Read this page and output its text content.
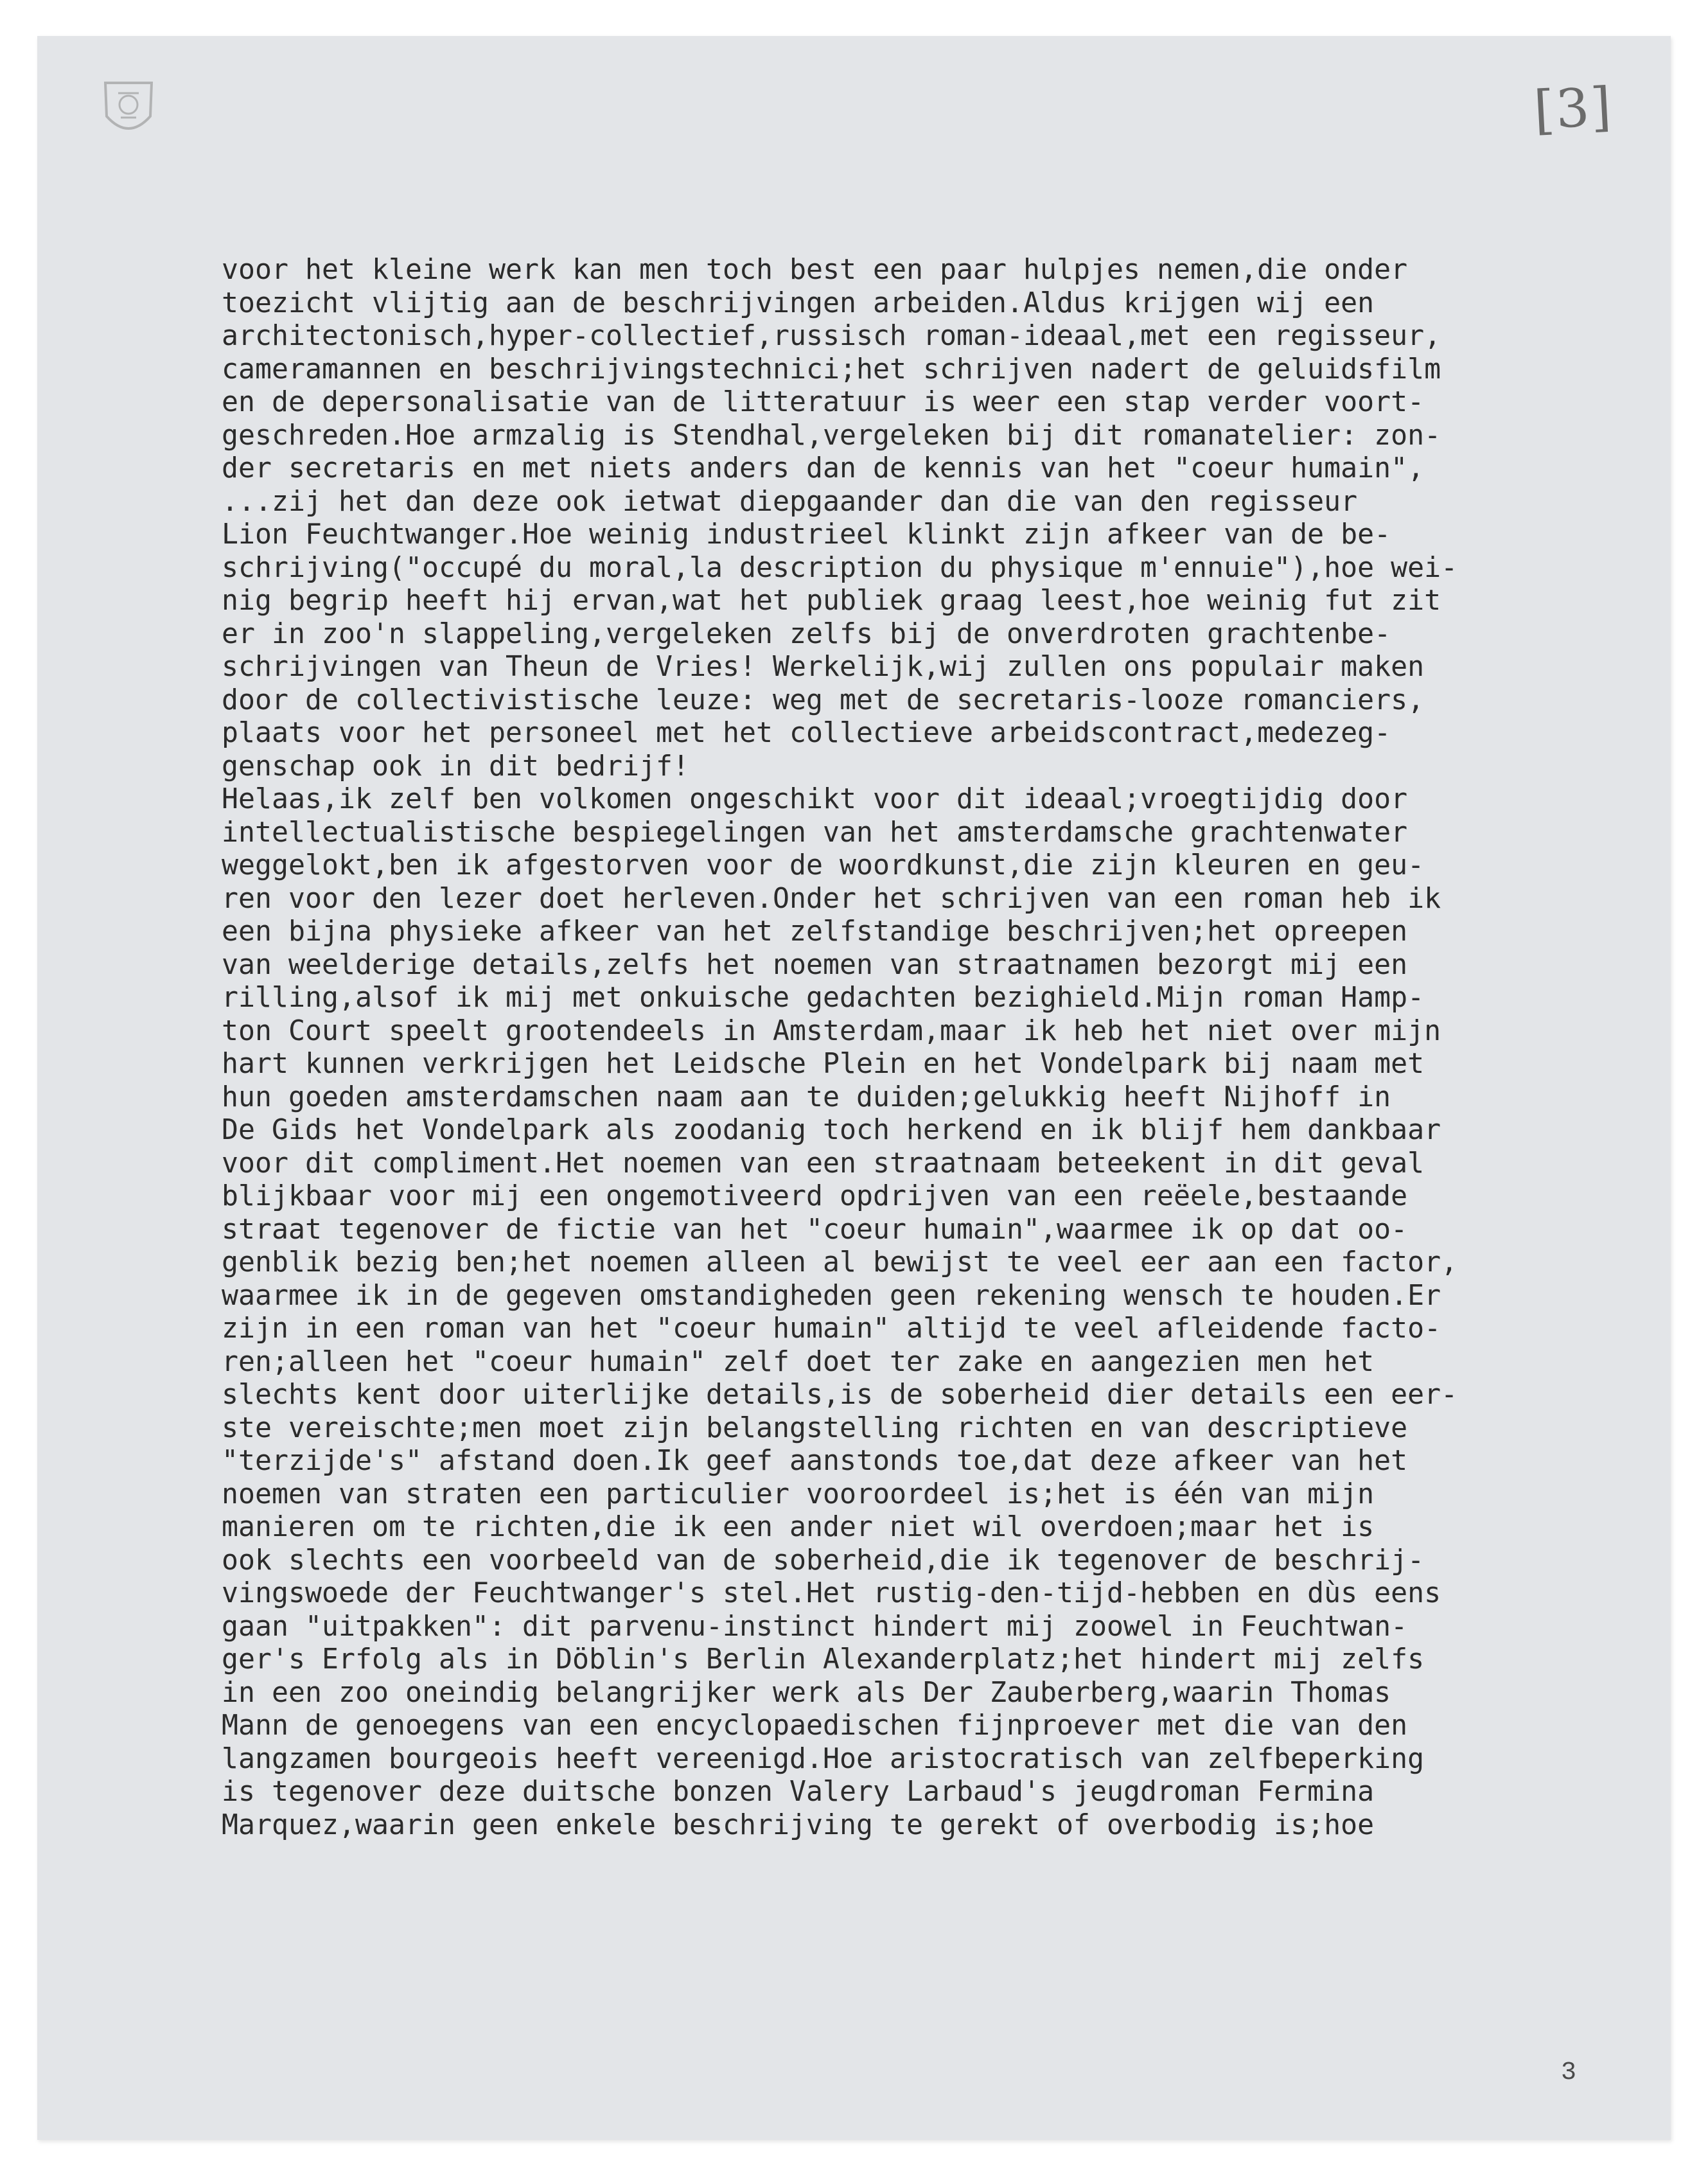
[3]
3
voor het kleine werk kan men toch best een paar hulpjes nemen,die onder
toezicht vlijtig aan de beschrijvingen arbeiden.Aldus krijgen wij een
architectonisch,hyper-collectief,russisch roman-ideaal,met een regisseur,
cameramannen en beschrijvingstechnici;het schrijven nadert de geluidsfilm
en de depersonalisatie van de litteratuur is weer een stap verder voort-
geschreden.Hoe armzalig is Stendhal,vergeleken bij dit romanatelier: zon-
der secretaris en met niets anders dan de kennis van het "coeur humain",
...zij het dan deze ook ietwat diepgaander dan die van den regisseur
Lion Feuchtwanger.Hoe weinig industrieel klinkt zijn afkeer van de be-
schrijving("occupé du moral,la description du physique m'ennuie"),hoe wei-
nig begrip heeft hij ervan,wat het publiek graag leest,hoe weinig fut zit
er in zoo'n slappeling,vergeleken zelfs bij de onverdroten grachtenbe-
schrijvingen van Theun de Vries! Werkelijk,wij zullen ons populair maken
door de collectivistische leuze: weg met de secretaris-looze romanciers,
plaats voor het personeel met het collectieve arbeidscontract,medezeg-
genschap ook in dit bedrijf!
Helaas,ik zelf ben volkomen ongeschikt voor dit ideaal;vroegtijdig door
intellectualistische bespiegelingen van het amsterdamsche grachtenwater
weggelokt,ben ik afgestorven voor de woordkunst,die zijn kleuren en geu-
ren voor den lezer doet herleven.Onder het schrijven van een roman heb ik
een bijna physieke afkeer van het zelfstandige beschrijven;het opreepen
van weelderige details,zelfs het noemen van straatnamen bezorgt mij een
rilling,alsof ik mij met onkuische gedachten bezighield.Mijn roman Hamp-
ton Court speelt grootendeels in Amsterdam,maar ik heb het niet over mijn
hart kunnen verkrijgen het Leidsche Plein en het Vondelpark bij naam met
hun goeden amsterdamschen naam aan te duiden;gelukkig heeft Nijhoff in
De Gids het Vondelpark als zoodanig toch herkend en ik blijf hem dankbaar
voor dit compliment.Het noemen van een straatnaam beteekent in dit geval
blijkbaar voor mij een ongemotiveerd opdrijven van een reëele,bestaande
straat tegenover de fictie van het "coeur humain",waarmee ik op dat oo-
genblik bezig ben;het noemen alleen al bewijst te veel eer aan een factor,
waarmee ik in de gegeven omstandigheden geen rekening wensch te houden.Er
zijn in een roman van het "coeur humain" altijd te veel afleidende facto-
ren;alleen het "coeur humain" zelf doet ter zake en aangezien men het
slechts kent door uiterlijke details,is de soberheid dier details een eer-
ste vereischte;men moet zijn belangstelling richten en van descriptieve
"terzijde's" afstand doen.Ik geef aanstonds toe,dat deze afkeer van het
noemen van straten een particulier vooroordeel is;het is één van mijn
manieren om te richten,die ik een ander niet wil overdoen;maar het is
ook slechts een voorbeeld van de soberheid,die ik tegenover de beschrij-
vingswoede der Feuchtwanger's stel.Het rustig-den-tijd-hebben en dùs eens
gaan "uitpakken": dit parvenu-instinct hindert mij zoowel in Feuchtwan-
ger's Erfolg als in Döblin's Berlin Alexanderplatz;het hindert mij zelfs
in een zoo oneindig belangrijker werk als Der Zauberberg,waarin Thomas
Mann de genoegens van een encyclopaedischen fijnproever met die van den
langzamen bourgeois heeft vereenigd.Hoe aristocratisch van zelfbeperking
is tegenover deze duitsche bonzen Valery Larbaud's jeugdroman Fermina
Marquez,waarin geen enkele beschrijving te gerekt of overbodig is;hoe
